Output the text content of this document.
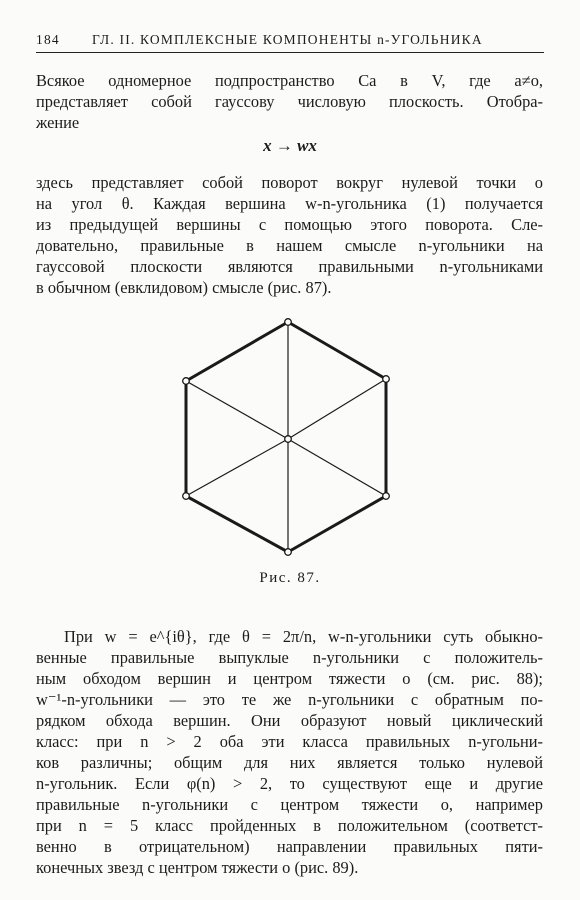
184 ГЛ. II. КОМПЛЕКСНЫЕ КОМПОНЕНТЫ n-УГОЛЬНИКА
Всякое одномерное подпространство Ca в V, где a≠o,
представляет собой гауссову числовую плоскость. Отобра-
жение
x → wx
здесь представляет собой поворот вокруг нулевой точки o
на угол θ. Каждая вершина w-n-угольника (1) получается
из предыдущей вершины с помощью этого поворота. Сле-
довательно, правильные в нашем смысле n-угольники на
гауссовой плоскости являются правильными n-угольниками
в обычном (евклидовом) смысле (рис. 87).
Рис. 87.
При w = e^{iθ}, где θ = 2π/n, w-n-угольники суть обыкно-
венные правильные выпуклые n-угольники с положитель-
ным обходом вершин и центром тяжести o (см. рис. 88);
w⁻¹-n-угольники — это те же n-угольники с обратным по-
рядком обхода вершин. Они образуют новый циклический
класс: при n > 2 оба эти класса правильных n-угольни-
ков различны; общим для них является только нулевой
n-угольник. Если φ(n) > 2, то существуют еще и другие
правильные n-угольники с центром тяжести o, например
при n = 5 класс пройденных в положительном (соответст-
венно в отрицательном) направлении правильных пяти-
конечных звезд с центром тяжести o (рис. 89).
